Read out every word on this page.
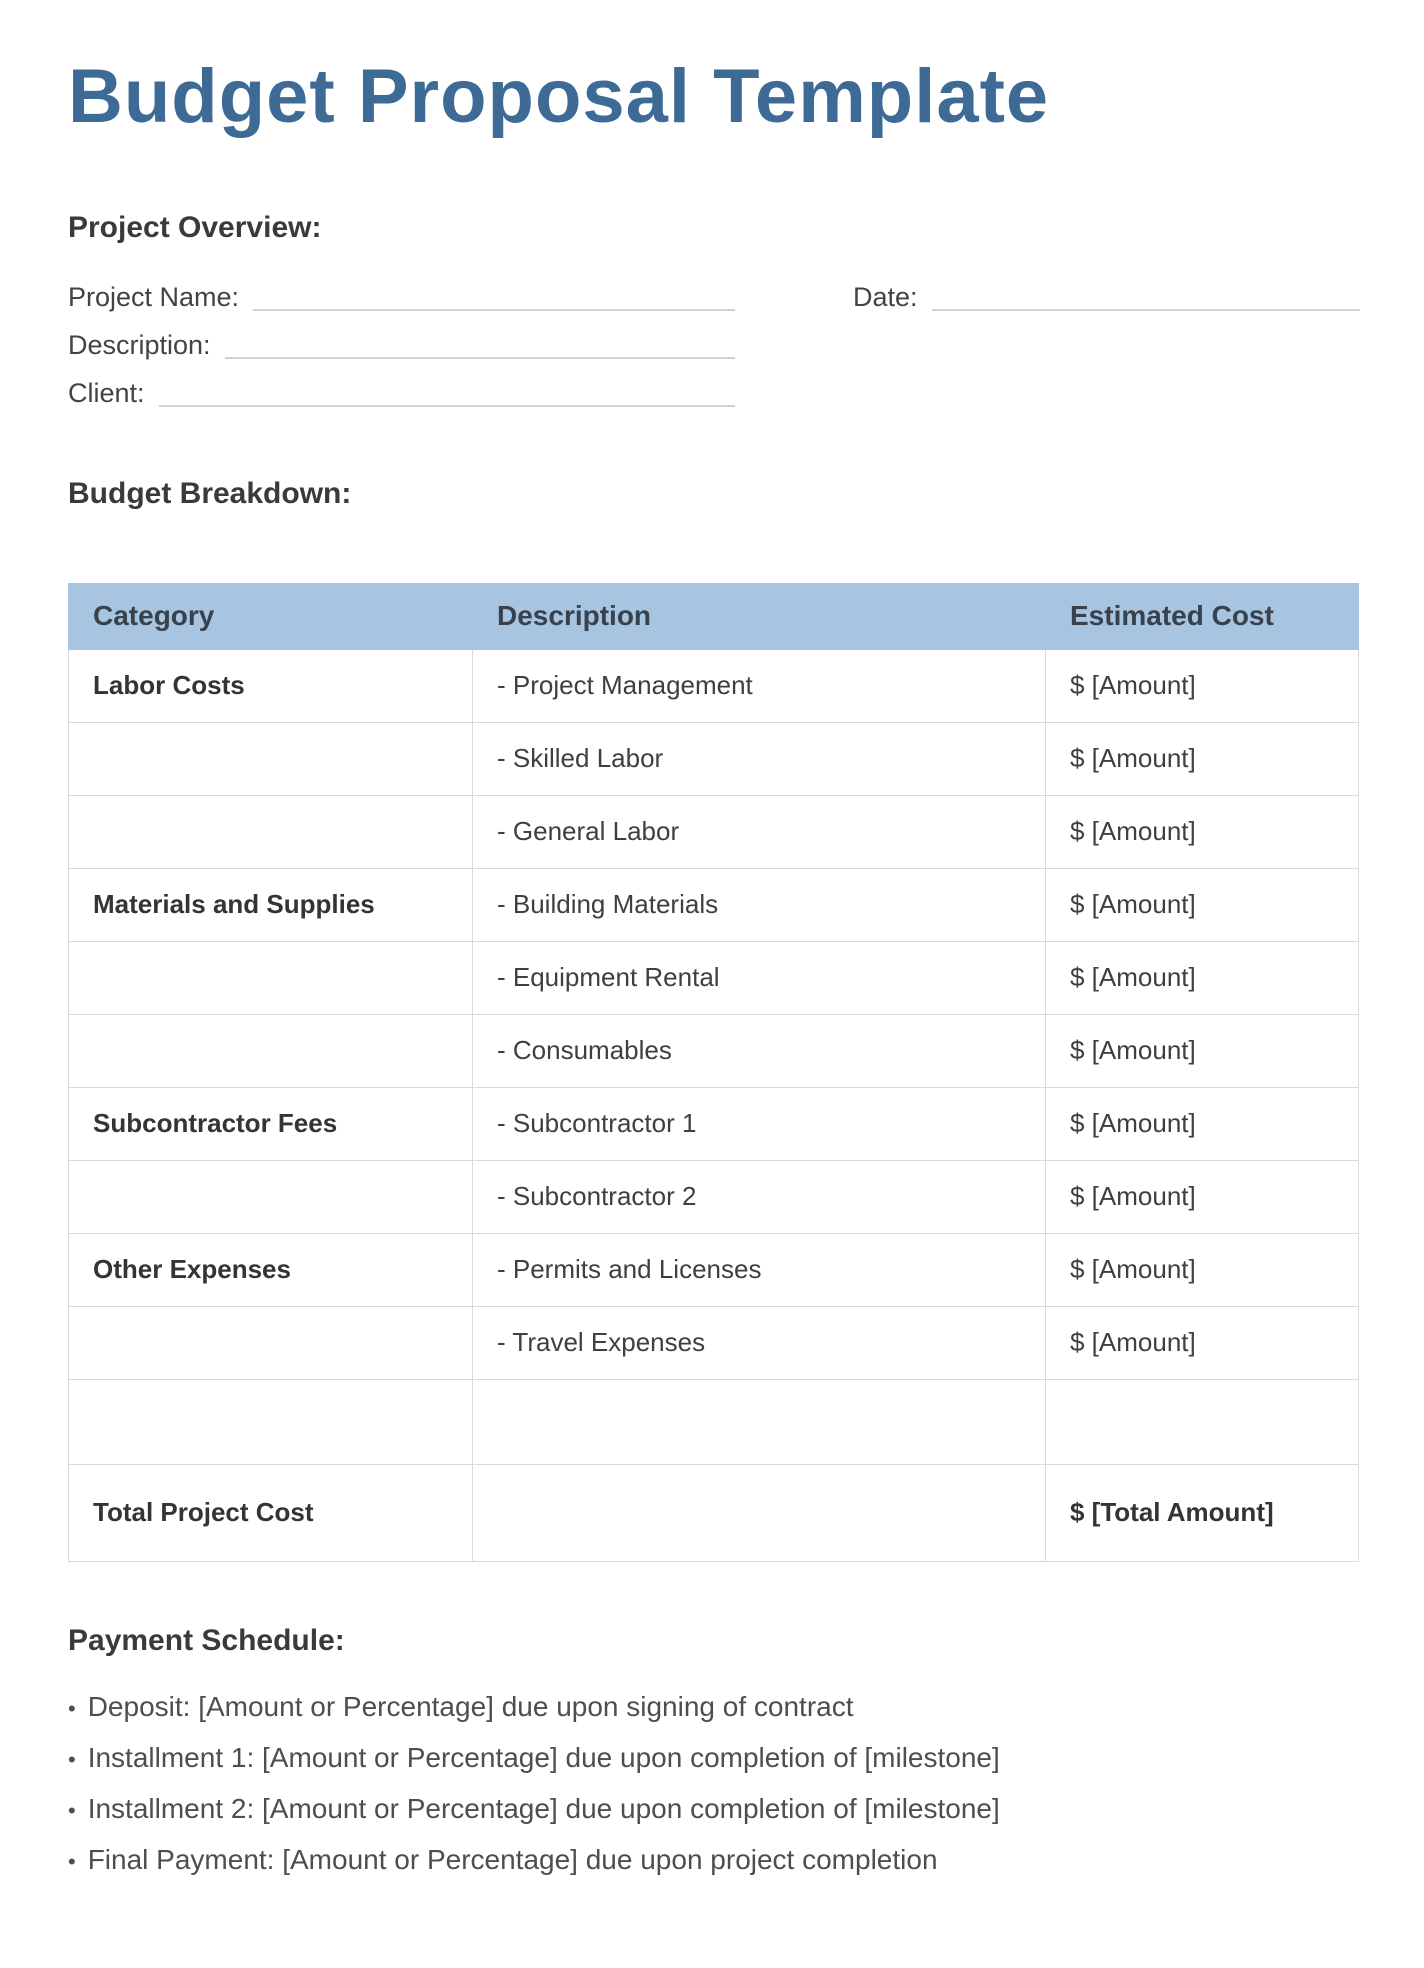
Budget Proposal Template
Project Overview:
Project Name:	Date:
Description:
Client:
Budget Breakdown:
Category	Description	Estimated Cost
Labor Costs	- Project Management	$ [Amount]
	- Skilled Labor	$ [Amount]
	- General Labor	$ [Amount]
Materials and Supplies	- Building Materials	$ [Amount]
	- Equipment Rental	$ [Amount]
	- Consumables	$ [Amount]
Subcontractor Fees	- Subcontractor 1	$ [Amount]
	- Subcontractor 2	$ [Amount]
Other Expenses	- Permits and Licenses	$ [Amount]
	- Travel Expenses	$ [Amount]

Total Project Cost		$ [Total Amount]
Payment Schedule:
• Deposit: [Amount or Percentage] due upon signing of contract
• Installment 1: [Amount or Percentage] due upon completion of [milestone]
• Installment 2: [Amount or Percentage] due upon completion of [milestone]
• Final Payment: [Amount or Percentage] due upon project completion
